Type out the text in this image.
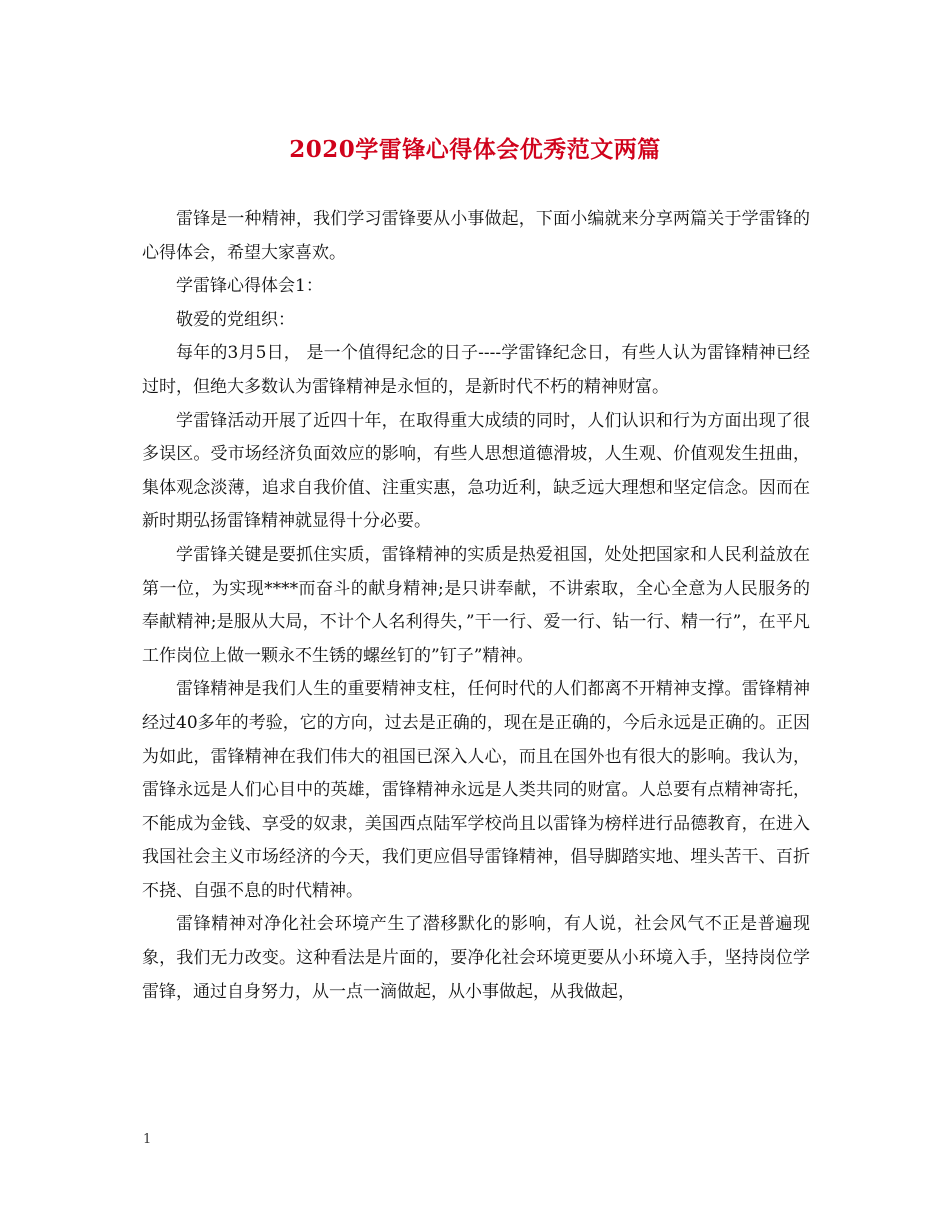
2020学雷锋心得体会优秀范文两篇

雷锋是一种精神，我们学习雷锋要从小事做起，下面小编就来分享两篇关于学雷锋的心得体会，希望大家喜欢。

学雷锋心得体会1：

敬爱的党组织：

每年的3月5日， 是一个值得纪念的日子----学雷锋纪念日，有些人认为雷锋精神已经过时，但绝大多数认为雷锋精神是永恒的，是新时代不朽的精神财富。

学雷锋活动开展了近四十年，在取得重大成绩的同时，人们认识和行为方面出现了很多误区。受市场经济负面效应的影响，有些人思想道德滑坡，人生观、价值观发生扭曲，集体观念淡薄，追求自我价值、注重实惠，急功近利，缺乏远大理想和坚定信念。因而在新时期弘扬雷锋精神就显得十分必要。

学雷锋关键是要抓住实质，雷锋精神的实质是热爱祖国，处处把国家和人民利益放在第一位，为实现****而奋斗的献身精神;是只讲奉献，不讲索取，全心全意为人民服务的奉献精神;是服从大局，不计个人名利得失，”干一行、爱一行、钻一行、精一行”，在平凡工作岗位上做一颗永不生锈的螺丝钉的”钉子”精神。

雷锋精神是我们人生的重要精神支柱，任何时代的人们都离不开精神支撑。雷锋精神经过40多年的考验，它的方向，过去是正确的，现在是正确的，今后永远是正确的。正因为如此，雷锋精神在我们伟大的祖国已深入人心，而且在国外也有很大的影响。我认为，雷锋永远是人们心目中的英雄，雷锋精神永远是人类共同的财富。人总要有点精神寄托，不能成为金钱、享受的奴隶，美国西点陆军学校尚且以雷锋为榜样进行品德教育，在进入我国社会主义市场经济的今天，我们更应倡导雷锋精神，倡导脚踏实地、埋头苦干、百折不挠、自强不息的时代精神。

雷锋精神对净化社会环境产生了潜移默化的影响，有人说，社会风气不正是普遍现 象，我们无力改变。这种看法是片面的，要净化社会环境更要从小环境入手，坚持岗位学雷锋，通过自身努力，从一点一滴做起，从小事做起，从我做起，

1
